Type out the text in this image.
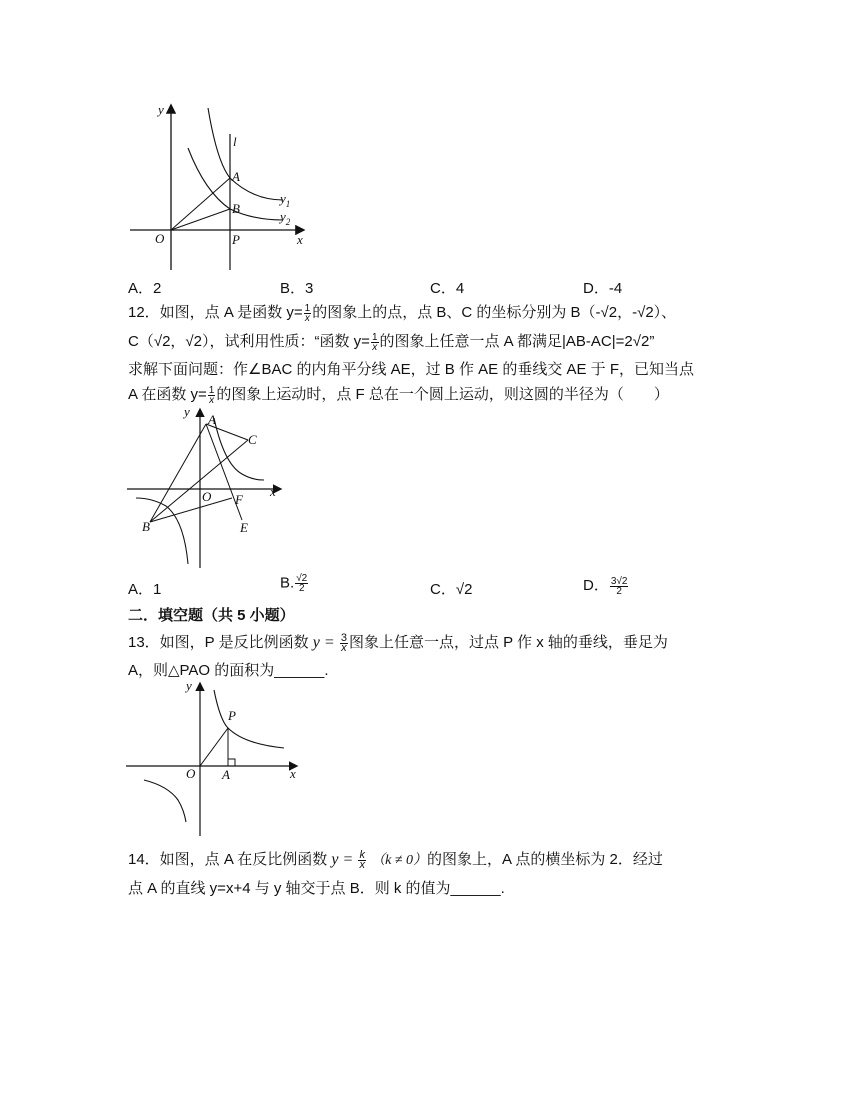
y
x
O
l
A
B
P
$y_1$
$y_2$
A．2	B．3	C．4	D．-4
12．如图，点 A 是函数 $y= \frac{1}{x}$ 的图象上的点，点 B、C 的坐标分别为 B（-√2，-√2）、
C（√2，√2），试利用性质：“函数 $y= \frac{1}{x}$ 的图象上任意一点 A 都满足|AB-AC|=2√2”
求解下面问题：作∠BAC 的内角平分线 AE，过 B 作 AE 的垂线交 AE 于 F，已知当点
A 在函数 $y= \frac{1}{x}$ 的图象上运动时，点 F 总在一个圆上运动，则这圆的半径为（　　）
y
x
O
A
C
B
F
E
A．1	B. $\frac{√2}{2}$	C．√2	D． $\frac{3√2}{2}$
二．填空题（共 5 小题）
13．如图，P 是反比例函数 $y = \frac{3}{x}$ 图象上任意一点，过点 P 作 x 轴的垂线，垂足为
A，则△PAO 的面积为______.
y
x
O A
P
14．如图，点 A 在反比例函数 $y = \frac{k}{x} (k \ne 0)$的图象上，A 点的横坐标为 2．经过
点 A 的直线 y=x+4 与 y 轴交于点 B．则 k 的值为______.
